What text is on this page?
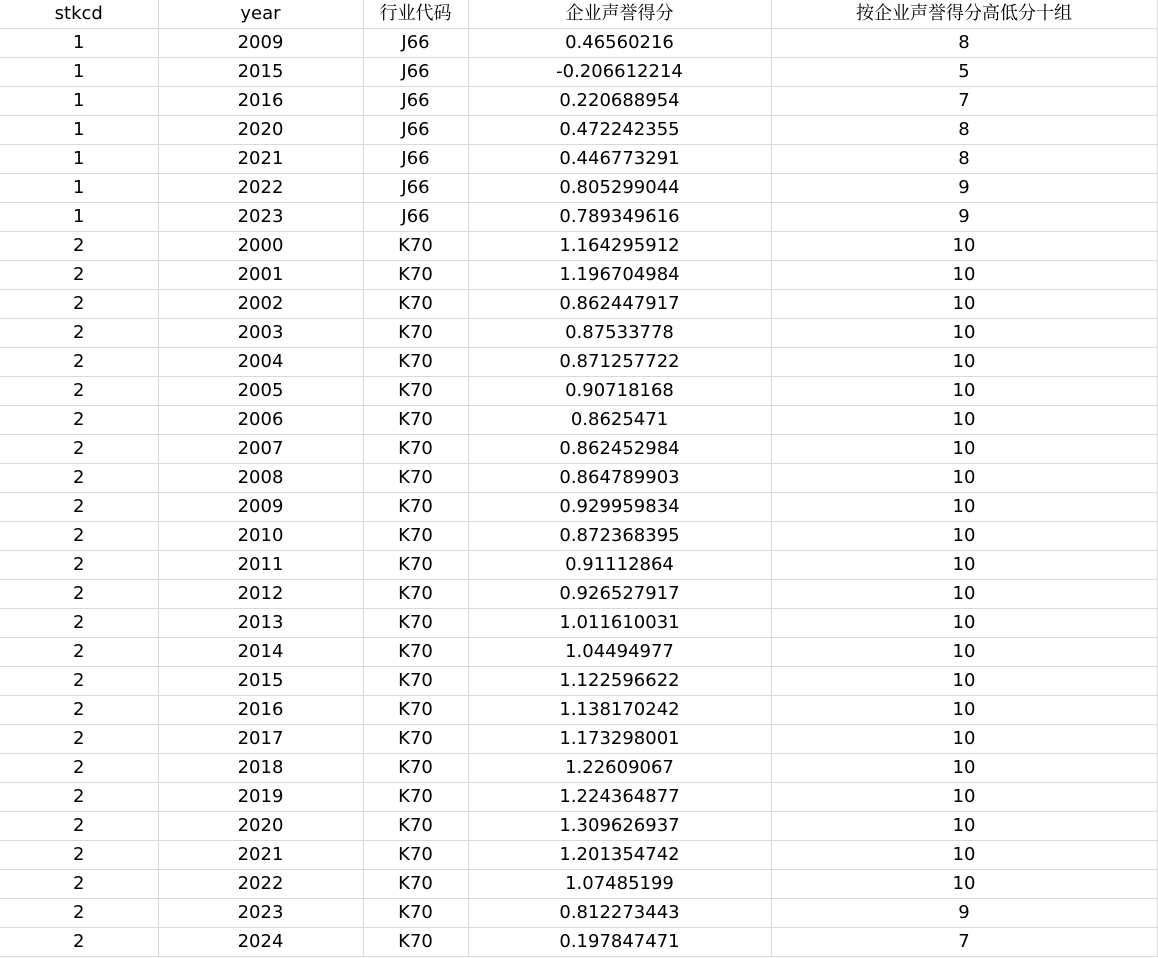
stkcd	year	行业代码	企业声誉得分	按企业声誉得分高低分十组
1	2009	J66	0.46560216	8
1	2015	J66	-0.206612214	5
1	2016	J66	0.220688954	7
1	2020	J66	0.472242355	8
1	2021	J66	0.446773291	8
1	2022	J66	0.805299044	9
1	2023	J66	0.789349616	9
2	2000	K70	1.164295912	10
2	2001	K70	1.196704984	10
2	2002	K70	0.862447917	10
2	2003	K70	0.87533778	10
2	2004	K70	0.871257722	10
2	2005	K70	0.90718168	10
2	2006	K70	0.8625471	10
2	2007	K70	0.862452984	10
2	2008	K70	0.864789903	10
2	2009	K70	0.929959834	10
2	2010	K70	0.872368395	10
2	2011	K70	0.91112864	10
2	2012	K70	0.926527917	10
2	2013	K70	1.011610031	10
2	2014	K70	1.04494977	10
2	2015	K70	1.122596622	10
2	2016	K70	1.138170242	10
2	2017	K70	1.173298001	10
2	2018	K70	1.22609067	10
2	2019	K70	1.224364877	10
2	2020	K70	1.309626937	10
2	2021	K70	1.201354742	10
2	2022	K70	1.07485199	10
2	2023	K70	0.812273443	9
2	2024	K70	0.197847471	7
